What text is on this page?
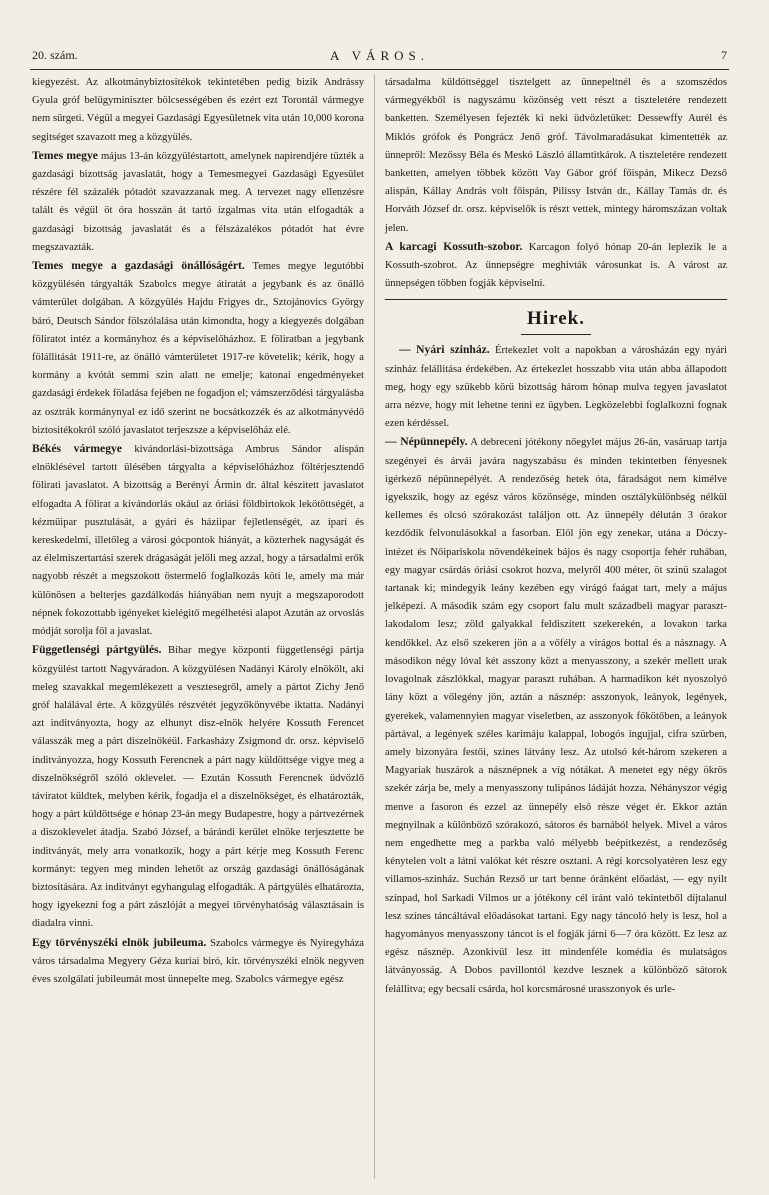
20. szám.	A VÁROS.	7

kiegyezést. Az alkotmánybiztositékok tekintetében pedig bizik Andrássy Gyula gróf belügyminiszter bölcsességében és ezért ezt Torontál vármegye nem sürgeti. Végül a megyei Gazdasági Egyesületnek vita után 10,000 korona segitséget szavazott meg a közgyülés.

Temes megye május 13-án közgyüléstartott, amelynek napirendjére tüzték a gazdasági bizottság javaslatát, hogy a Temesmegyei Gazdasági Egyesület részére fél százalék pótadót szavazzanak meg. A tervezet nagy ellenzésre talált és végül öt óra hosszán át tartó izgalmas vita után elfogadták a gazdasági bizottság javaslatát és a félszázalékos pótadót hat évre megszavazták.

Temes megye a gazdasági önállóságért. Temes megye legutóbbi közgyülésén tárgyalták Szabolcs megye átiratát a jegybank és az önálló vámterület dolgában. A közgyülés Hajdu Frigyes dr., Sztojánovics György báró, Deutsch Sándor fölszólalása után kimondta, hogy a kiegyezés dolgában föliratot intéz a kormányhoz és a képviselőházhoz. E föliratban a jegybank fölállitását 1911-re, az önálló vámterületet 1917-re követelik; kérik, hogy a kormány a kvótát semmi szin alatt ne emelje; katonai engedményeket gazdasági érdekek föladása fejében ne fogadjon el; vámszerződési tárgyalásba az osztrák kormánynyal ez idő szerint ne bocsátkozzék és az alkotmányvédő biztositékokról szóló javaslatot terjeszsze a képviselőház elé.

Békés vármegye kivándorlási-bizottsága Ambrus Sándor alispán elnöklésével tartott ülésében tárgyalta a képviselőházhoz föltérjesztendő fölirati javaslatot. A bizottság a Berényi Ármin dr. által készitett javaslatot elfogadta A fölirat a kivándorlás okául az óriási földbirtokok lekötöttségét, a kézműipar pusztulását, a gyári és háziipar fejletlenségét, az ipari és kereskedelmi, illetőleg a városi gócpontok hiányát, a közterhek nagyságát és az élelmiszertartási szerek drágaságát jelöli meg azzal, hogy a társadalmi erők nagyobb részét a megszokott östermelő foglalkozás köti le, amely ma már különösen a belterjes gazdálkodás hiányában nem nyujt a megszaporodott népnek fokozottabb igényeket kielégitő megélhetési alapot Azután az orvoslás módját sorolja föl a javaslat.

Függetlenségi pártgyülés. Bihar megye központi függetlenségi pártja közgyülést tartott Nagyváradon. A közgyülésen Nadányi Károly elnökölt, aki meleg szavakkal megemlékezett a vesztesegről, amely a pártot Zichy Jenő gróf halálával érte. A közgyülés részvétét jegyzőkönyvébe iktatta. Nadányi azt inditványozta, hogy az elhunyt disz-elnök helyére Kossuth Ferencet válasszák meg a párt diszelnökéül. Farkasházy Zsigmond dr. orsz. képviselő inditványozza, hogy Kossuth Ferencnek a párt nagy küldöttsége vigye meg a diszelnökségről szóló oklevelet. — Ezután Kossuth Ferencnek üdvözlő táviratot küldtek, melyben kérik, fogadja el a diszelnökséget, és elhatározták, hogy a párt küldöttsége e hónap 23-án megy Budapestre, hogy a pártvezérnek a diszoklevelet átadja. Szabó József, a bárándi kerület elnöke terjesztette be inditványát, mely arra vonatkozik, hogy a párt kérje meg Kossuth Ferenc kormányt: tegyen meg minden lehetőt az ország gazdasági önállóságának biztositására. Az inditványt egyhangulag elfogadták. A pártgyülés elhatározta, hogy igyekezni fog a párt zászlóját a megyei törvényhatóság választásain is diadalra vinni.

Egy törvényszéki elnök jubileuma. Szabolcs vármegye és Nyiregyháza város társadalma Megyery Géza kuriai biró, kir. törvényszéki elnök negyven éves szolgálati jubileumát most ünnepelte meg. Szabolcs vármegye egész

társadalma küldöttséggel tisztelgett az ünnepeltnél és a szomszédos vármegyékből is nagyszámu közönség vett részt a tiszteletére rendezett banketten. Személyesen fejezték ki neki üdvözletüket: Dessewffy Aurél és Miklós grófok és Pongrácz Jenő gróf. Távolmaradásukat kimentették az ünnepről: Mezőssy Béla és Meskó László államtitkárok. A tiszteletére rendezett banketten, amelyen többek között Vay Gábor gróf főispán, Mikecz Dezső alispán, Kállay András volt főispán, Pilissy István dr., Kállay Tamás dr. és Horváth József dr. orsz. képviselők is részt vettek, mintegy háromszázan voltak jelen.

A karcagi Kossuth-szobor. Karcagon folyó hónap 20-án leplezik le a Kossuth-szobrot. Az ünnepségre meghivták városunkat is. A várost az ünnepségen többen fogják képviselni.

Hirek.

— Nyári szinház. Értekezlet volt a napokban a városházán egy nyári szinház felállitása érdekében. Az értekezlet hosszabb vita után abba állapodott meg, hogy egy szükebb körü bizottság három hónap mulva tegyen javaslatot arra nézve, hogy mit lehetne tenni ez ügyben. Legközelebbi foglalkozni fognak ezen kérdéssel.

— Népünnepély. A debreceni jótékony nőegylet május 26-án, vasáruap tartja szegényei és árvái javára nagyszabásu és minden tekintetben fényesnek igérkező népünnepélyét. A rendezőség hetek óta, fáradságot nem kimélve igyekszik, hogy az egész város közönsége, minden osztálykülönbség nélkül kellemes és olcsó szórakozást találjon ott. Az ünnepély délután 3 órakor kezdődik felvonulásokkal a fasorban. Elöl jön egy zenekar, utána a Dóczy-intézet és Nőipariskola növendékeinek bájos és nagy csoportja fehér ruhában, egy magyar csárdás óriási csokrot hozva, melyről 400 méter, öt szinü szalagot tartanak ki; mindegyik leány kezében egy virágó faágat tart, mely a május jelképezi. A második szám egy csoport falu mult századbeli magyar paraszt-lakodalom lesz; zöld galyakkal feldiszitett szekerekén, a lovakon tarka kendőkkel. Az első szekeren jön a a vőfély a virágos bottal és a násznagy. A másodikon négy lóval két asszony közt a menyasszony, a szekér mellett urak lovagolnak zászlókkal, magyar paraszt ruhában. A harmadikon két nyoszolyó lány közt a vőlegény jön, aztán a násznép: asszonyok, leányok, legények, gyerekek, valamennyien magyar viseletben, az asszonyok főkötőben, a leányok pártával, a legények széles karimáju kalappal, lobogós ingujjal, cifra szürben, amely bizonyára festői, szines látvány lesz. Az utolsó két-három szekeren a Magyariak huszárok a násznépnek a víg nótákat. A menetet egy négy ökrös szekér zárja be, mely a menyasszony tulipános ládáját hozza. Néhányszor végig menve a fasoron és ezzel az ünnepély első része véget ér. Ekkor aztán megnyilnak a különböző szórakozó, sátoros és barnából helyek. Mivel a város nem engedhette meg a parkba való mélyebb beépitkezést, a rendezőség kénytelen volt a látni valókat két részre osztani. A régi korcsolyatéren lesz egy villamos-szinház. Suchán Rezső ur tart benne óránként előadást, — egy nyilt szinpad, hol Sarkadi Vilmos ur a jótékony cél iránt való tekintetből díjtalanul lesz színes táncáltával előadásokat tartani. Egy nagy táncoló hely is lesz, hol a hagyományos menyasszony táncot is el fogják járni 6—7 óra között. Ez lesz az egész násznép. Azonkivül lesz itt mindenféle komédia és mulatságos látványosság. A Dobos pavillontól kezdve lesznek a különböző sátorok felállitva; egy becsali csárda, hol korcsmárosné urasszonyok és urle-
